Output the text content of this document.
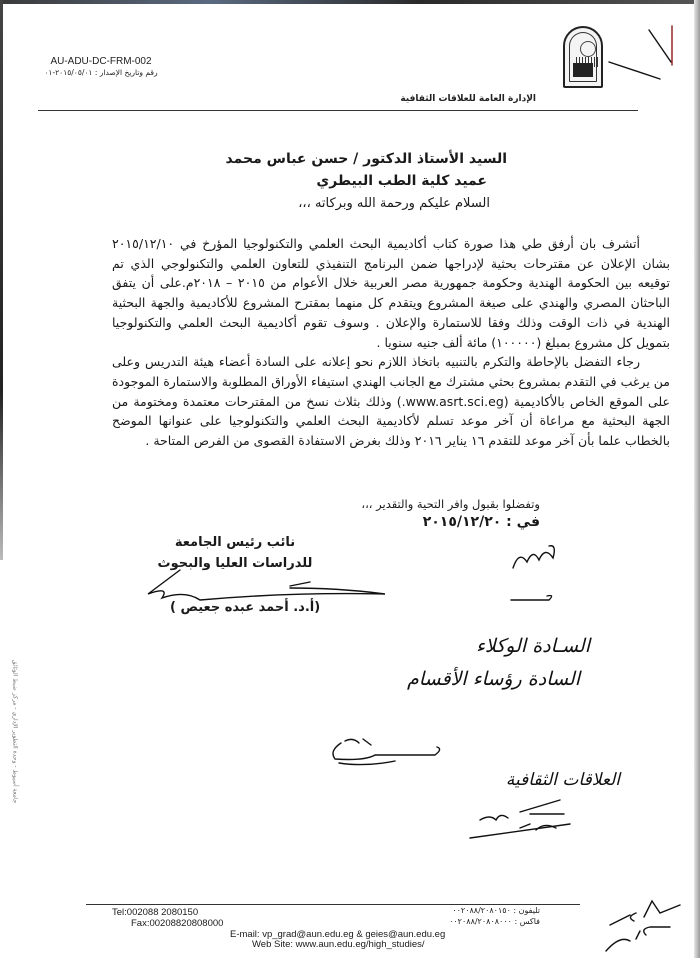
AU-ADU-DC-FRM-002
رقم وتاريخ الإصدار : ٢٠١٥/٠٥/٠١-٠١
الإدارة العامة للعلاقات الثقافية
السيد الأستاذ الدكتور / حسن عباس محمد
عميد كلية الطب البيطري
السلام عليكم ورحمة الله وبركاته ،،،

أتشرف بان أرفق طي هذا صورة كتاب أكاديمية البحث العلمي والتكنولوجيا المؤرخ في ٢٠١٥/١٢/١٠ بشان الإعلان عن مقترحات بحثية لإدراجها ضمن البرنامج التنفيذي للتعاون العلمي والتكنولوجي الذي تم توقيعه بين الحكومة الهندية وحكومة جمهورية مصر العربية خلال الأعوام من ٢٠١٥ – ٢٠١٨م.على أن يتفق الباحثان المصري والهندي على صيغة المشروع ويتقدم كل منهما بمقترح المشروع للأكاديمية والجهة البحثية الهندية في ذات الوقت وذلك وفقا للاستمارة والإعلان . وسوف تقوم أكاديمية البحث العلمي والتكنولوجيا بتمويل كل مشروع بمبلغ (١٠٠٠٠٠) مائة ألف جنيه سنويا .

رجاء التفضل بالإحاطة والتكرم بالتنبيه باتخاذ اللازم نحو إعلانه على السادة أعضاء هيئة التدريس وعلى من يرغب في التقدم بمشروع بحثي مشترك مع الجانب الهندي استيفاء الأوراق المطلوبة والاستمارة الموجودة على الموقع الخاص بالأكاديمية (www.asrt.sci.eg.) وذلك بثلاث نسخ من المقترحات معتمدة ومختومة من الجهة البحثية مع مراعاة أن آخر موعد تسلم لأكاديمية البحث العلمي والتكنولوجيا على عنوانها الموضح بالخطاب علما بأن آخر موعد للتقدم ١٦ يناير ٢٠١٦ وذلك بغرض الاستفادة القصوى من الفرص المتاحة .

وتفضلوا بقبول وافر التحية والتقدير ،،،
في : ٢٠١٥/١٢/٢٠
نائب رئيس الجامعة
للدراسات العليا والبحوث
(أ.د. أحمد عبده جعيص )
السـادة الوكلاء
السادة رؤساء الأقسام
العلاقات الثقافية
جامعة أسيوط - وحدة التطوير الإداري - مركز ضبط الوثائق
Tel:002088 2080150
Fax:00208820808000
E-mail: vp_grad@aun.edu.eg & geies@aun.edu.eg
Web Site: www.aun.edu.eg/high_studies/
تليفون : ٠٠٢٠٨٨/٢٠٨٠١٥٠
فاكس : ٠٠٢٠٨٨/٢٠٨٠٨٠٠٠
